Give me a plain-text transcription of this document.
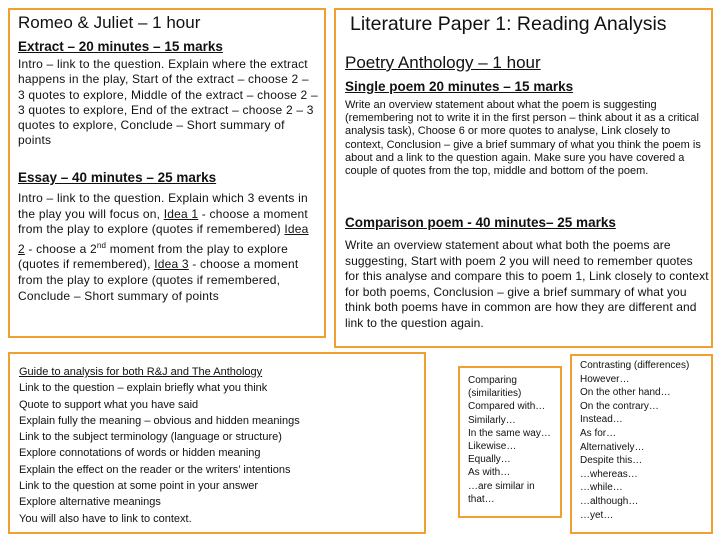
Romeo & Juliet – 1 hour
Extract – 20 minutes – 15 marks
Intro – link to the question. Explain where the extract happens in the play, Start of the extract – choose 2 – 3 quotes to explore, Middle of the extract – choose 2 – 3 quotes to explore, End of the extract – choose 2 – 3 quotes to explore, Conclude – Short summary of points
Essay – 40 minutes – 25 marks
Intro – link to the question. Explain which 3 events in the play you will focus on, Idea 1 - choose a moment from the play to explore (quotes if remembered) Idea 2 - choose a 2nd moment from the play to explore (quotes if remembered), Idea 3 - choose a moment from the play to explore (quotes if remembered, Conclude – Short summary of points
Literature Paper 1: Reading Analysis
Poetry Anthology – 1 hour
Single poem 20 minutes – 15 marks
Write an overview statement about what the poem is suggesting (remembering not to write it in the first person – think about it as a critical analysis task), Choose 6 or more quotes to analyse, Link closely to context, Conclusion – give a brief summary of what you think the poem is about and a link to the question again. Make sure you have covered a couple of quotes from the top, middle and bottom of the poem.
Comparison poem - 40 minutes– 25 marks
Write an overview statement about what both the poems are suggesting, Start with poem 2 you will need to remember quotes for this analyse and compare this to poem 1, Link closely to context for both poems, Conclusion – give a brief summary of what you think both poems have in common are how they are different and link to the question again.
Guide to analysis for both R&J and The Anthology
Link to the question – explain briefly what you think
Quote to support what you have said
Explain fully the meaning – obvious and hidden meanings
Link to the subject terminology (language or structure)
Explore connotations of words or hidden meaning
Explain the effect on the reader or the writers’ intentions
Link to the question at some point in your answer
Explore alternative meanings
You will also have to link to context.
Comparing
(similarities)
Compared with…
Similarly…
In the same way…
Likewise…
Equally…
As with…
…are similar in
that…
Contrasting (differences)
However…
On the other hand…
On the contrary…
Instead…
As for…
Alternatively…
Despite this…
…whereas…
…while…
…although…
…yet…
